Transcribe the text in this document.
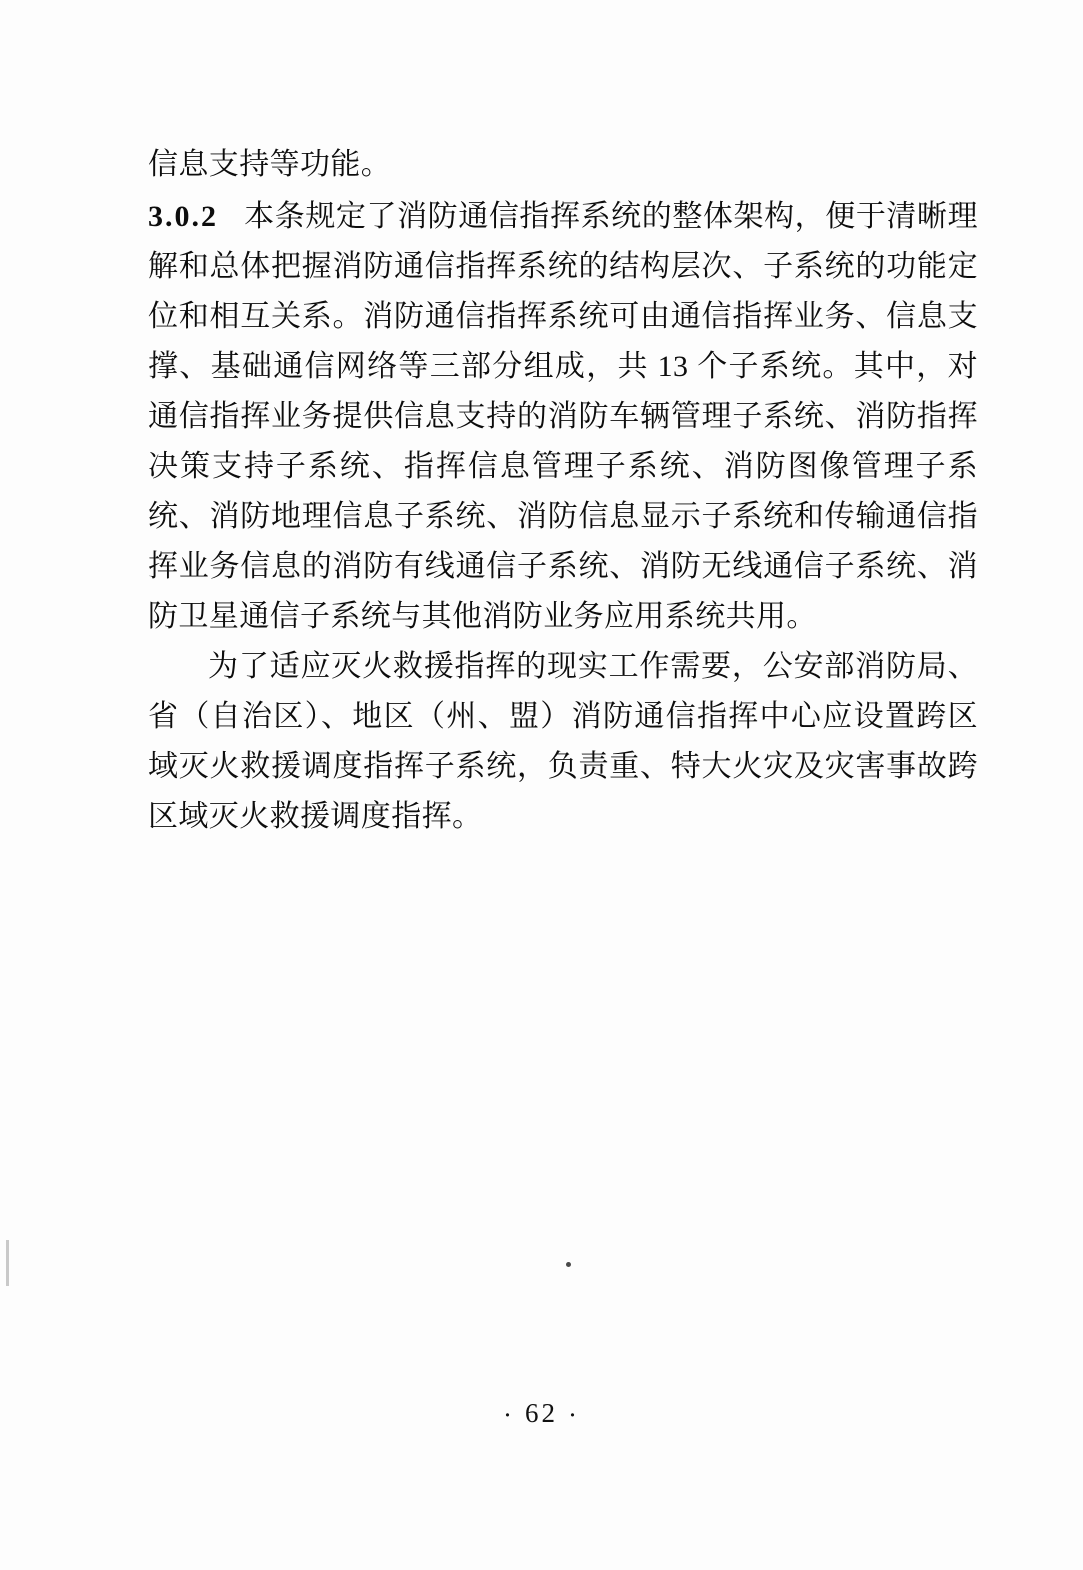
信息支持等功能。

3.0.2 本条规定了消防通信指挥系统的整体架构，便于清晰理解和总体把握消防通信指挥系统的结构层次、子系统的功能定位和相互关系。消防通信指挥系统可由通信指挥业务、信息支撑、基础通信网络等三部分组成，共 13 个子系统。其中，对通信指挥业务提供信息支持的消防车辆管理子系统、消防指挥决策支持子系统、指挥信息管理子系统、消防图像管理子系统、消防地理信息子系统、消防信息显示子系统和传输通信指挥业务信息的消防有线通信子系统、消防无线通信子系统、消防卫星通信子系统与其他消防业务应用系统共用。

为了适应灭火救援指挥的现实工作需要，公安部消防局、省（自治区）、地区（州、盟）消防通信指挥中心应设置跨区域灭火救援调度指挥子系统，负责重、特大火灾及灾害事故跨区域灭火救援调度指挥。

· 62 ·
